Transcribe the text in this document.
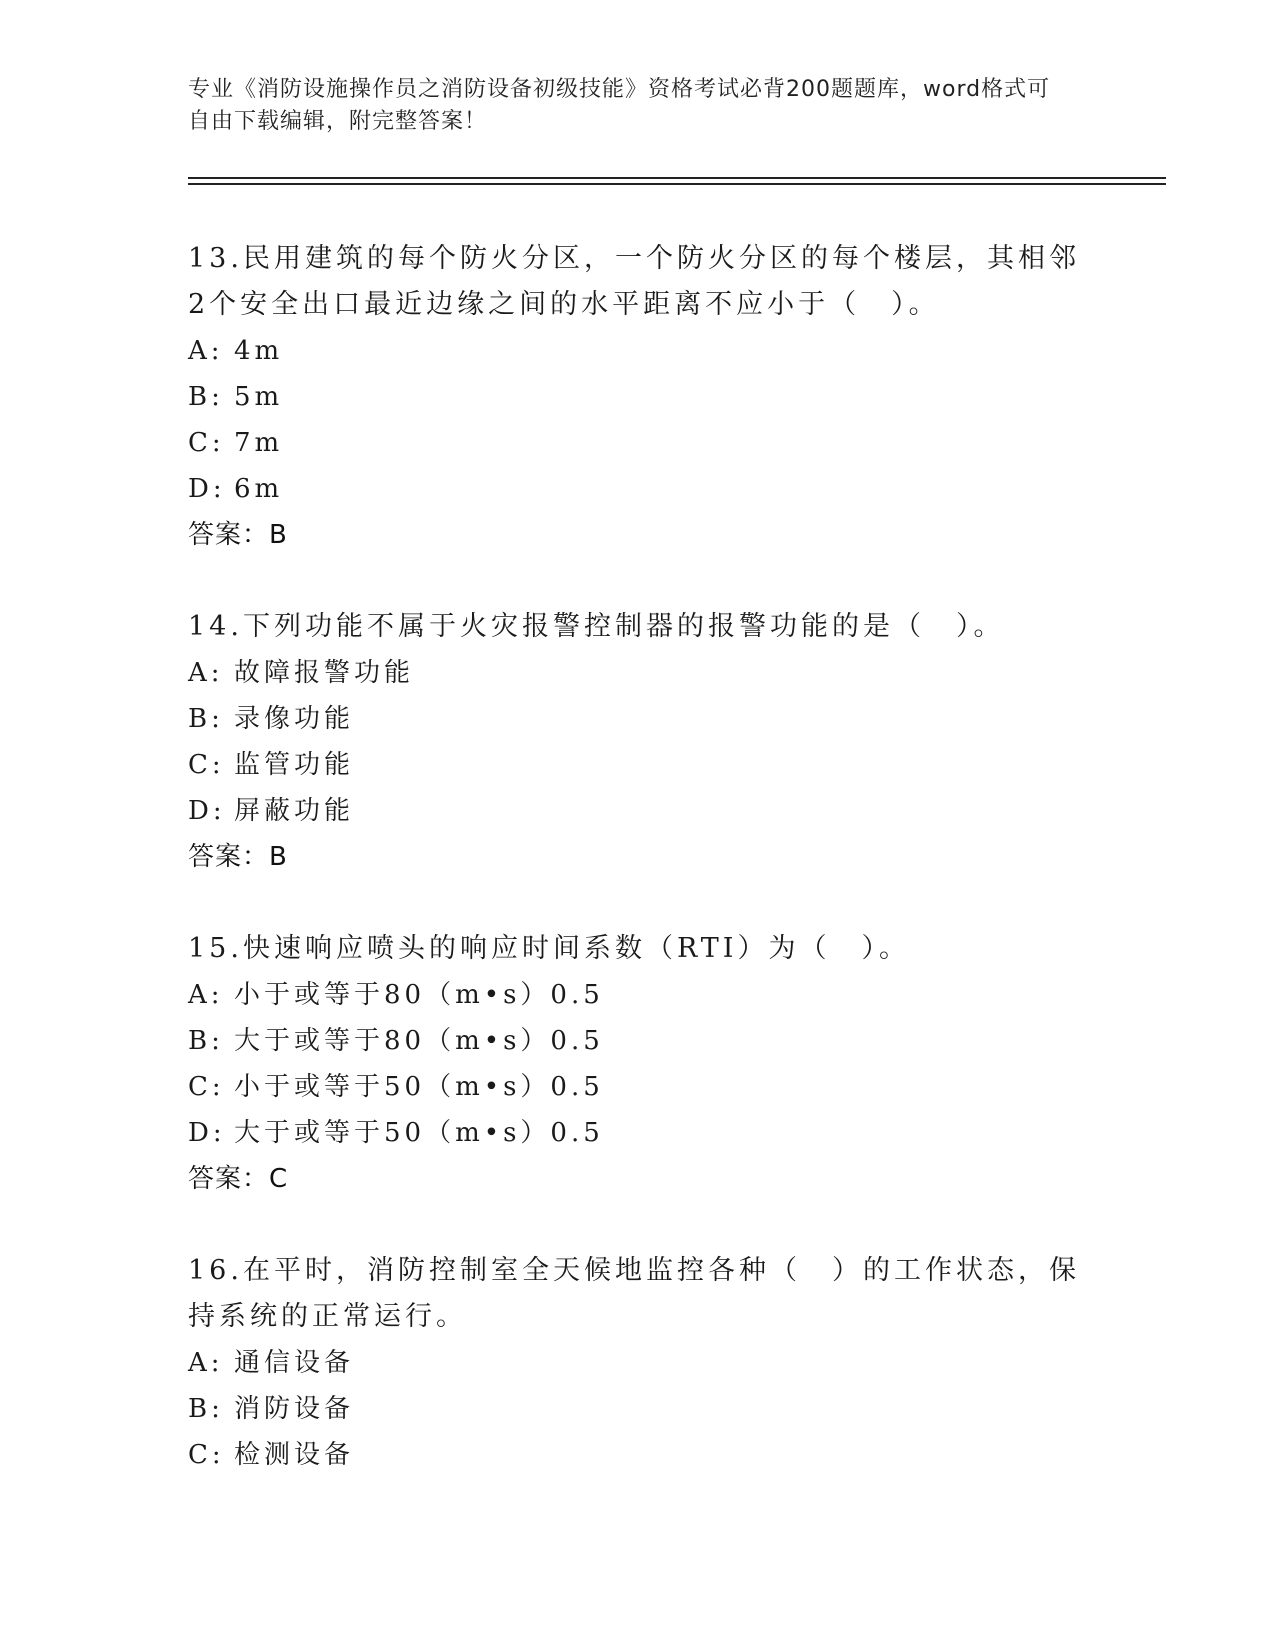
专业《消防设施操作员之消防设备初级技能》资格考试必背200题题库，word格式可自由下载编辑，附完整答案！

13.民用建筑的每个防火分区，一个防火分区的每个楼层，其相邻2个安全出口最近边缘之间的水平距离不应小于（　）。

A: 4m

B: 5m

C: 7m

D: 6m

答案：B

14.下列功能不属于火灾报警控制器的报警功能的是（　）。

A: 故障报警功能

B: 录像功能

C: 监管功能

D: 屏蔽功能

答案：B

15.快速响应喷头的响应时间系数（RTI）为（　）。

A: 小于或等于80（m•s）0.5

B: 大于或等于80（m•s）0.5

C: 小于或等于50（m•s）0.5

D: 大于或等于50（m•s）0.5

答案：C

16.在平时，消防控制室全天候地监控各种（　）的工作状态，保持系统的正常运行。

A: 通信设备

B: 消防设备

C: 检测设备
